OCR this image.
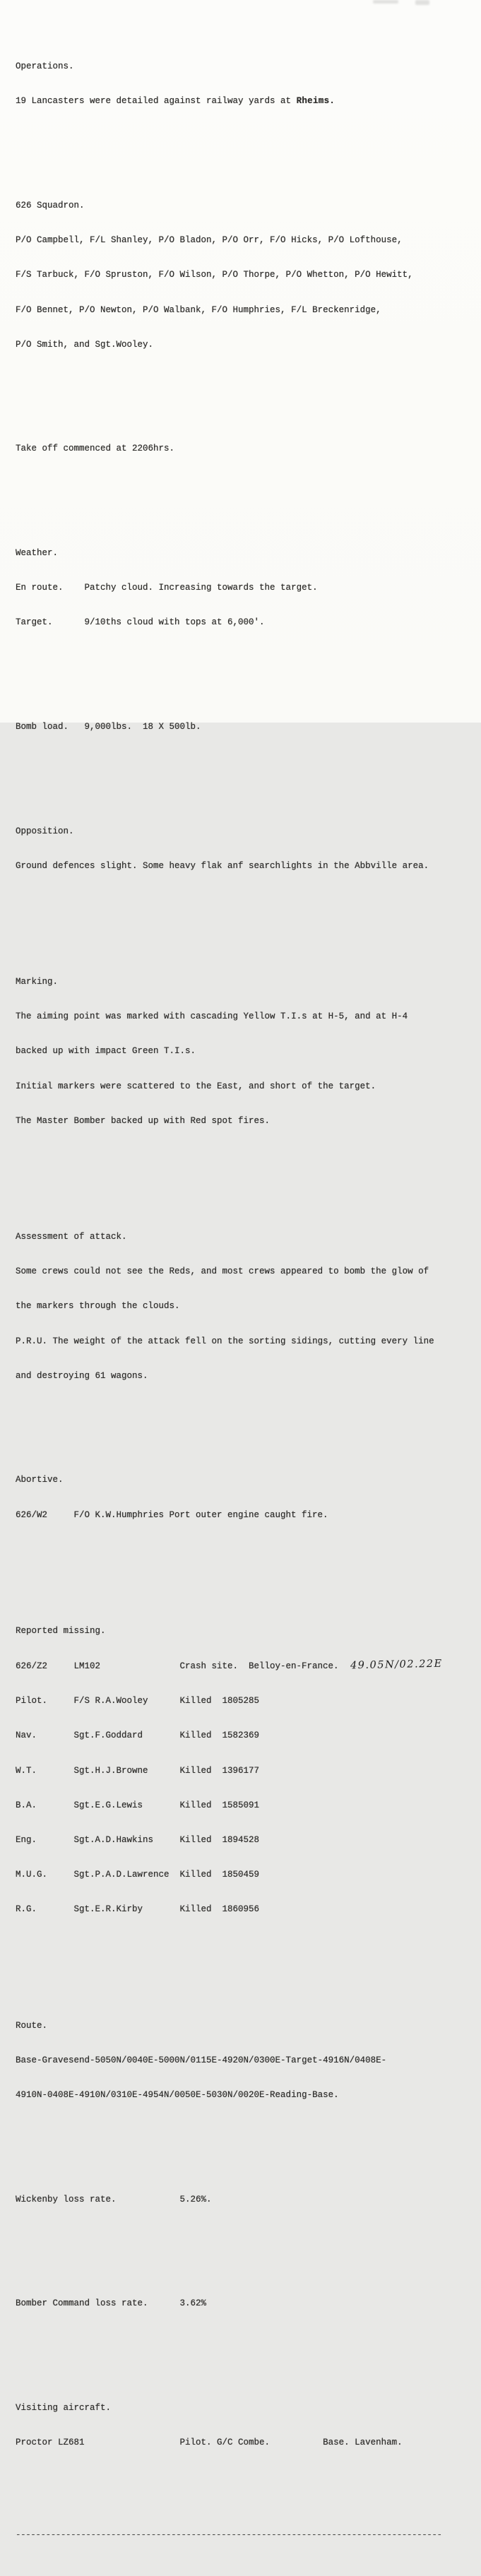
Operations.

19 Lancasters were detailed against railway yards at Rheims.

626 Squadron.

P/O Campbell, F/L Shanley, P/O Bladon, P/O Orr, F/O Hicks, P/O Lofthouse,

F/S Tarbuck, F/O Spruston, F/O Wilson, P/O Thorpe, P/O Whetton, P/O Hewitt,

F/O Bennet, P/O Newton, P/O Walbank, F/O Humphries, F/L Breckenridge,

P/O Smith, and Sgt.Wooley.

Take off commenced at 2206hrs.

Weather.

En route. Patchy cloud. Increasing towards the target.

Target.	9/10ths cloud with tops at 6,000'.

Bomb load. 9,000lbs.  18 X 500lb.

Opposition.

Ground defences slight. Some heavy flak anf searchlights in the Abbville area.

Marking.

The aiming point was marked with cascading Yellow T.I.s at H-5, and at H-4

backed up with impact Green T.I.s.

Initial markers were scattered to the East, and short of the target.

The Master Bomber backed up with Red spot fires.

Assessment of attack.

Some crews could not see the Reds, and most crews appeared to bomb the glow of

the markers through the clouds.

P.R.U. The weight of the attack fell on the sorting sidings, cutting every line

and destroying 61 wagons.

Abortive.

626/W2	F/O K.W.Humphries Port outer engine caught fire.

Reported missing.

626/Z2	LM102	Crash site.  Belloy-en-France. 49.05N/02.22E

Pilot.	F/S R.A.Wooley	Killed 1805285

Nav.	Sgt.F.Goddard	Killed 1582369

W.T.	Sgt.H.J.Browne	Killed 1396177

B.A.	Sgt.E.G.Lewis	Killed 1585091

Eng.	Sgt.A.D.Hawkins	Killed 1894528

M.U.G.	Sgt.P.A.D.Lawrence Killed 1850459

R.G.	Sgt.E.R.Kirby	Killed 1860956

Route.

Base-Gravesend-5050N/0040E-5000N/0115E-4920N/0300E-Target-4916N/0408E-

4910N-0408E-4910N/0310E-4954N/0050E-5030N/0020E-Reading-Base.

Wickenby loss rate.	5.26%.

Bomber Command loss rate.	3.62%

Visiting aircraft.

Proctor LZ681	Pilot. G/C Combe.	Base. Lavenham.

-------------------------------------------------------------------------------------
